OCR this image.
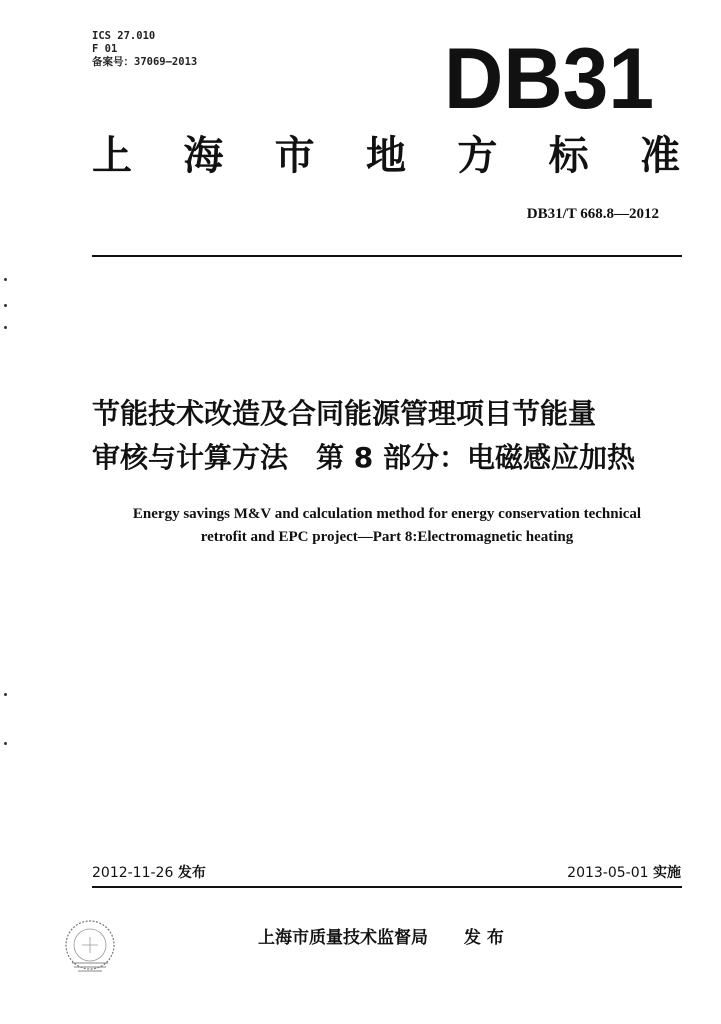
ICS 27.010
F 01
备案号：37069—2013	DB31
上 海 市 地 方 标 准
DB31/T 668.8—2012
节能技术改造及合同能源管理项目节能量
审核与计算方法　第 8 部分：电磁感应加热
Energy savings M&V and calculation method for energy conservation technical
retrofit and EPC project—Part 8:Electromagnetic heating
2012-11-26 发布	2013-05-01 实施
上海市质量技术监督局 发 布
